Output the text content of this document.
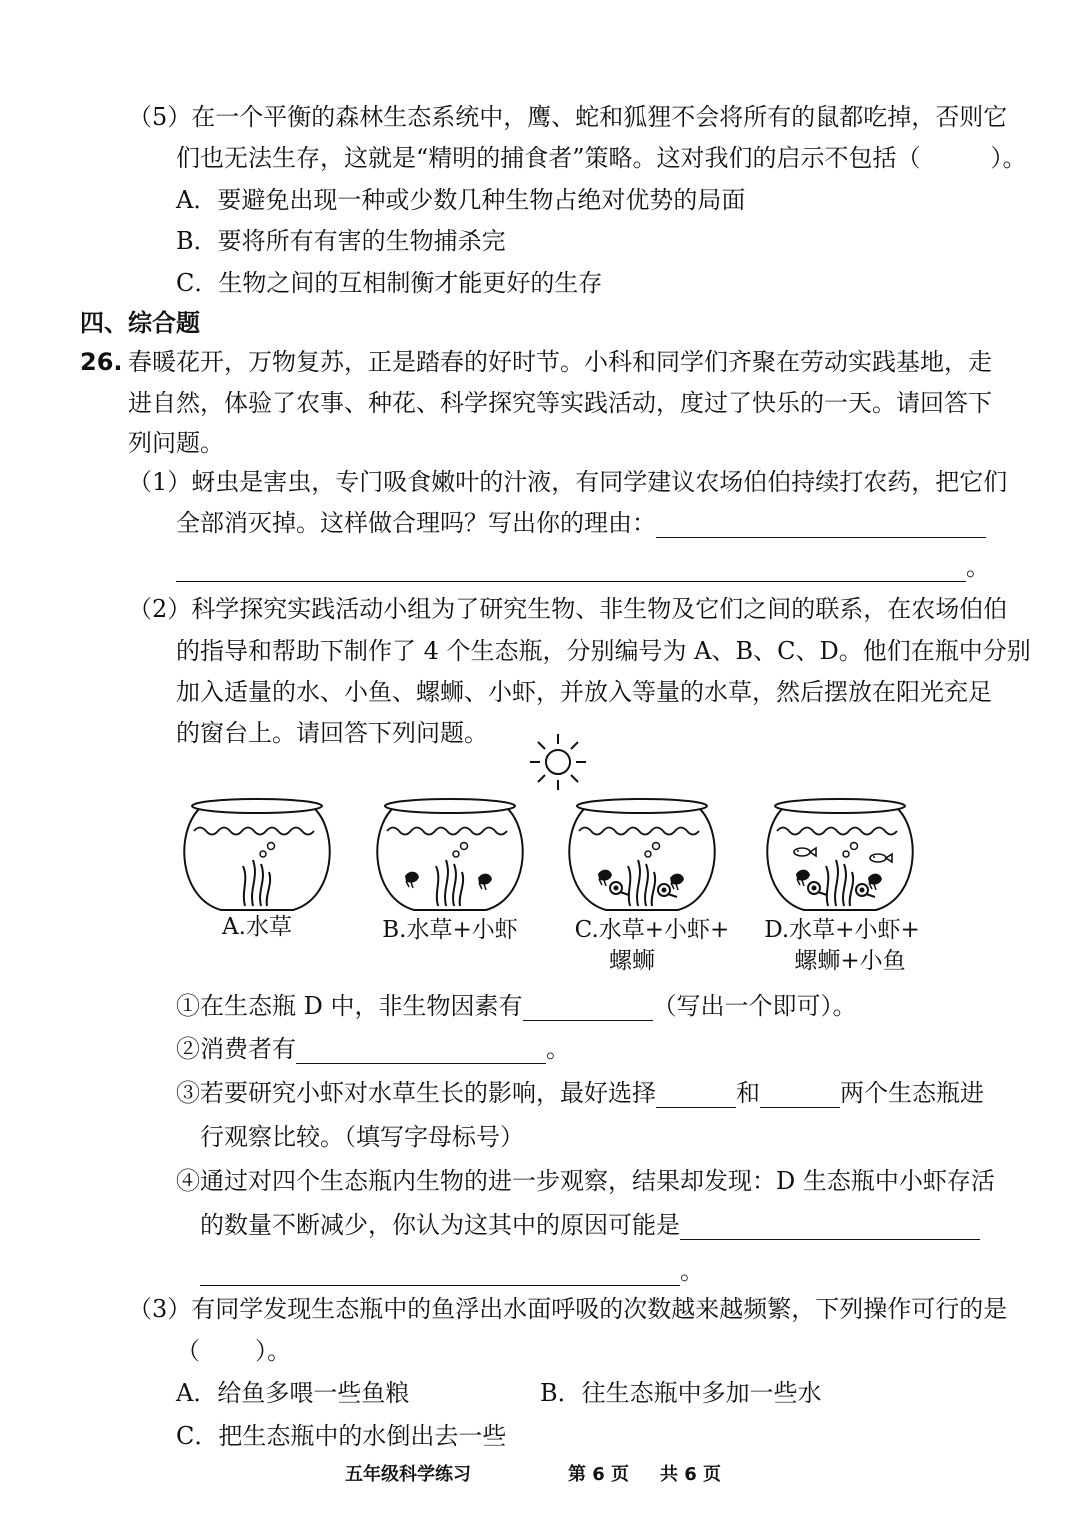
（5）在一个平衡的森林生态系统中，鹰、蛇和狐狸不会将所有的鼠都吃掉，否则它
们也无法生存，这就是“精明的捕食者”策略。这对我们的启示不包括（	）。
A．要避免出现一种或少数几种生物占绝对优势的局面
B．要将所有有害的生物捕杀完
C．生物之间的互相制衡才能更好的生存
四、综合题
26. 春暖花开，万物复苏，正是踏春的好时节。小科和同学们齐聚在劳动实践基地，走
进自然，体验了农事、种花、科学探究等实践活动，度过了快乐的一天。请回答下
列问题。
（1）蚜虫是害虫，专门吸食嫩叶的汁液，有同学建议农场伯伯持续打农药，把它们
全部消灭掉。这样做合理吗？写出你的理由：
。
（2）科学探究实践活动小组为了研究生物、非生物及它们之间的联系，在农场伯伯
的指导和帮助下制作了 4 个生态瓶，分别编号为 A、B、C、D。他们在瓶中分别
加入适量的水、小鱼、螺蛳、小虾，并放入等量的水草，然后摆放在阳光充足
的窗台上。请回答下列问题。
A.水草	B.水草+小虾	C.水草+小虾+
螺蛳
D.水草+小虾+
螺蛳+小鱼
①在生态瓶 D 中，非生物因素有	（写出一个即可）。
②消费者有	。
③若要研究小虾对水草生长的影响，最好选择	和	两个生态瓶进
行观察比较。（填写字母标号）
④通过对四个生态瓶内生物的进一步观察，结果却发现：D 生态瓶中小虾存活
的数量不断减少，你认为这其中的原因可能是
。
（3）有同学发现生态瓶中的鱼浮出水面呼吸的次数越来越频繁，下列操作可行的是
（ ）。
A．给鱼多喂一些鱼粮	B．往生态瓶中多加一些水
C．把生态瓶中的水倒出去一些
五年级科学练习	第 6 页 共 6 页
